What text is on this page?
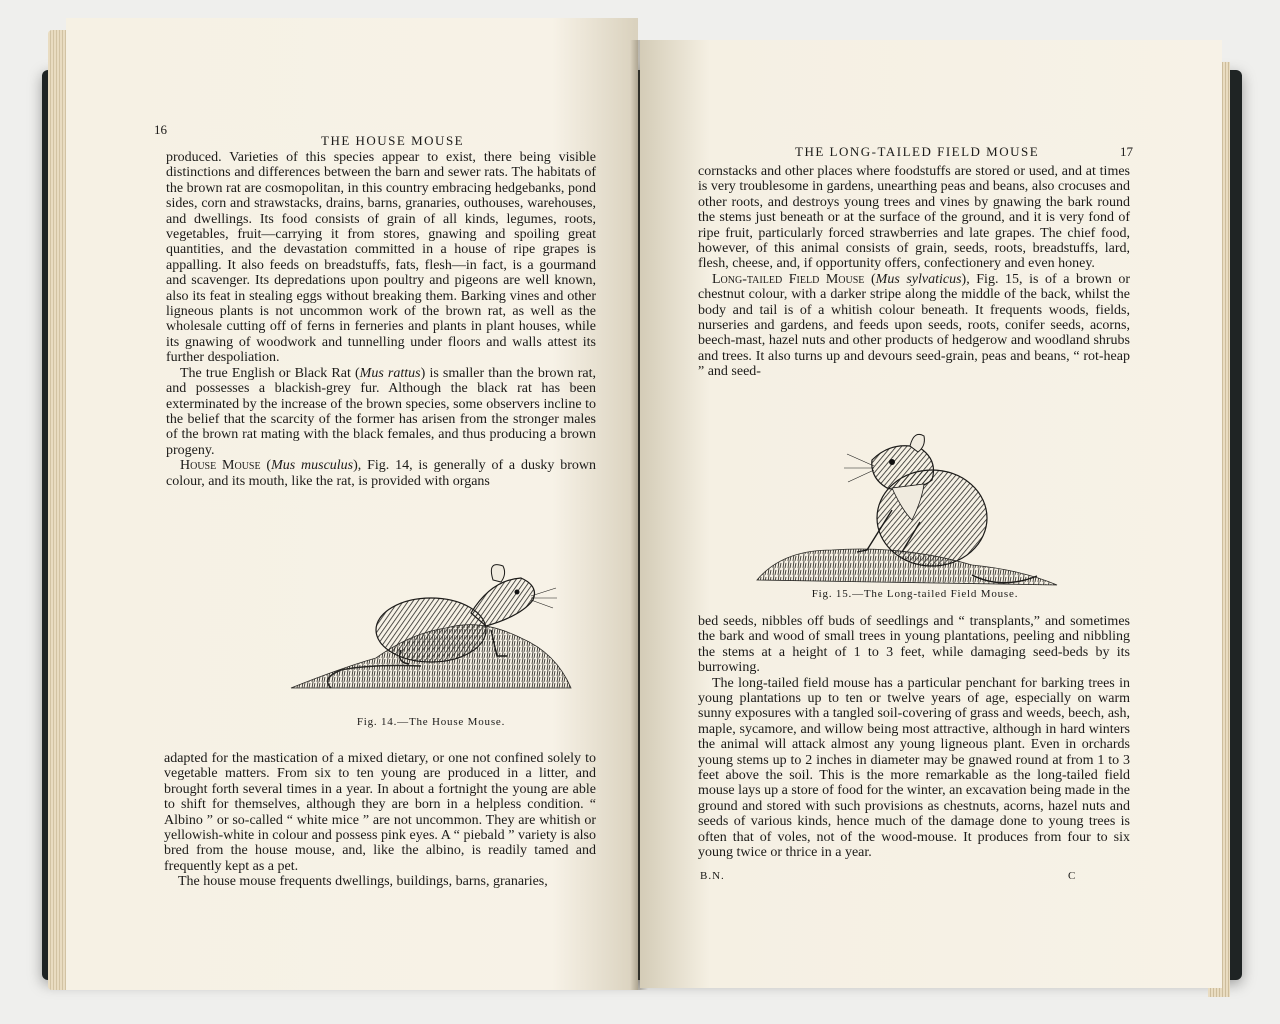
16
THE HOUSE MOUSE

produced. Varieties of this species appear to exist, there being visible distinctions and differences between the barn and sewer rats. The habitats of the brown rat are cosmopolitan, in this country embracing hedgebanks, pond sides, corn and strawstacks, drains, barns, granaries, outhouses, warehouses, and dwellings. Its food consists of grain of all kinds, legumes, roots, vegetables, fruit—carrying it from stores, gnawing and spoiling great quantities, and the devastation committed in a house of ripe grapes is appalling. It also feeds on breadstuffs, fats, flesh—in fact, is a gourmand and scavenger. Its depredations upon poultry and pigeons are well known, also its feat in stealing eggs without breaking them. Barking vines and other ligneous plants is not uncommon work of the brown rat, as well as the wholesale cutting off of ferns in ferneries and plants in plant houses, while its gnawing of woodwork and tunnelling under floors and walls attest its further despoliation.

The true English or Black Rat (Mus rattus) is smaller than the brown rat, and possesses a blackish-grey fur. Although the black rat has been exterminated by the increase of the brown species, some observers incline to the belief that the scarcity of the former has arisen from the stronger males of the brown rat mating with the black females, and thus producing a brown progeny.

House Mouse (Mus musculus), Fig. 14, is generally of a dusky brown colour, and its mouth, like the rat, is provided with organs

Fig. 14.—The House Mouse.

adapted for the mastication of a mixed dietary, or one not confined solely to vegetable matters. From six to ten young are produced in a litter, and brought forth several times in a year. In about a fortnight the young are able to shift for themselves, although they are born in a helpless condition. “ Albino ” or so-called “ white mice ” are not uncommon. They are whitish or yellowish-white in colour and possess pink eyes. A “ piebald ” variety is also bred from the house mouse, and, like the albino, is readily tamed and frequently kept as a pet.

The house mouse frequents dwellings, buildings, barns, granaries,

THE LONG-TAILED FIELD MOUSE	17

cornstacks and other places where foodstuffs are stored or used, and at times is very troublesome in gardens, unearthing peas and beans, also crocuses and other roots, and destroys young trees and vines by gnawing the bark round the stems just beneath or at the surface of the ground, and it is very fond of ripe fruit, particularly forced strawberries and late grapes. The chief food, however, of this animal consists of grain, seeds, roots, breadstuffs, lard, flesh, cheese, and, if opportunity offers, confectionery and even honey.

Long-tailed Field Mouse (Mus sylvaticus), Fig. 15, is of a brown or chestnut colour, with a darker stripe along the middle of the back, whilst the body and tail is of a whitish colour beneath. It frequents woods, fields, nurseries and gardens, and feeds upon seeds, roots, conifer seeds, acorns, beech-mast, hazel nuts and other products of hedgerow and woodland shrubs and trees. It also turns up and devours seed-grain, peas and beans, “ rot-heap ” and seed-

Fig. 15.—The Long-tailed Field Mouse.

bed seeds, nibbles off buds of seedlings and “ transplants,” and sometimes the bark and wood of small trees in young plantations, peeling and nibbling the stems at a height of 1 to 3 feet, while damaging seed-beds by its burrowing.

The long-tailed field mouse has a particular penchant for barking trees in young plantations up to ten or twelve years of age, especially on warm sunny exposures with a tangled soil-covering of grass and weeds, beech, ash, maple, sycamore, and willow being most attractive, although in hard winters the animal will attack almost any young ligneous plant. Even in orchards young stems up to 2 inches in diameter may be gnawed round at from 1 to 3 feet above the soil. This is the more remarkable as the long-tailed field mouse lays up a store of food for the winter, an excavation being made in the ground and stored with such provisions as chestnuts, acorns, hazel nuts and seeds of various kinds, hence much of the damage done to young trees is often that of voles, not of the wood-mouse. It produces from four to six young twice or thrice in a year.

B.N.	C
